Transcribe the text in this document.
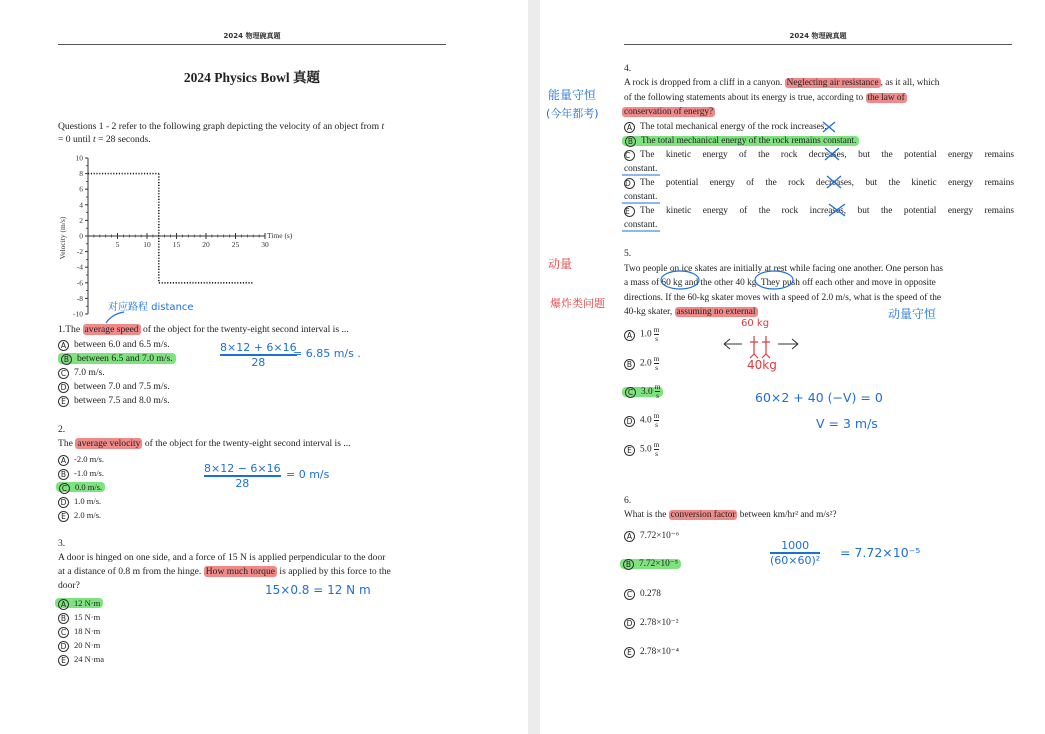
2024 物理碗真題
2024 Physics Bowl 真題
Questions 1 - 2 refer to the following graph depicting the velocity of an object from t
= 0 until t = 28 seconds.
10
8
6
4
2
0
-2
-4
-6
-8
-10
5	10	15	20	25	30
Velocity (m/s)	Time (s)
对应路程 distance
1.The average speed of the object for the twenty-eight second interval is ...
A between 6.0 and 6.5 m/s.
B between 6.5 and 7.0 m/s.
C 7.0 m/s.
D between 7.0 and 7.5 m/s.
E between 7.5 and 8.0 m/s.
8×12 + 6×16
28
= 6.85 m/s .
2.
The average velocity of the object for the twenty-eight second interval is ...
A -2.0 m/s.
B -1.0 m/s.
C 0.0 m/s.
D 1.0 m/s.
E 2.0 m/s.
8×12 − 6×16
28
= 0 m/s
3.
A door is hinged on one side, and a force of 15 N is applied perpendicular to the door
at a distance of 0.8 m from the hinge. How much torque is applied by this force to the
door?
A 12 N·m
B 15 N·m
C 18 N·m
D 20 N·m
E 24 N·ma
15×0.8 = 12 N m
2024 物理碗真題
4.
A rock is dropped from a cliff in a canyon. Neglecting air resistance , as it all, which
of the following statements about its energy is true, according to the law of
conservation of energy?
能量守恒
(今年都考)
A The total mechanical energy of the rock increases.
B The total mechanical energy of the rock remains constant.
C The kinetic energy of the rock decreases, but the potential energy remains
constant.
D The potential energy of the rock decreases, but the kinetic energy remains
constant.
E The kinetic energy of the rock increases, but the potential energy remains
constant.
5.
Two people on ice skates are initially at rest while facing one another. One person has
a mass of 60 kg and the other 40 kg. They push off each other and move in opposite
directions. If the 60-kg skater moves with a speed of 2.0 m/s, what is the speed of the
40-kg skater, assuming no external
动量
爆炸类问题
动量守恒
A $1.0 \frac{m}{s}$
B $2.0 \frac{m}{s}$
C $3.0 \frac{m}{s}$
D $4.0 \frac{m}{s}$
E $5.0 \frac{m}{s}$
60 kg
40kg
60×2 + 40 (−V) = 0
V = 3 m/s
6.
What is the conversion factor between km/hr² and m/s²?
A 7.72×10⁻⁶
B 7.72×10⁻⁵
C 0.278
D 2.78×10⁻²
E 2.78×10⁻⁴
1000
(60×60)² = 7.72×10⁻⁵
